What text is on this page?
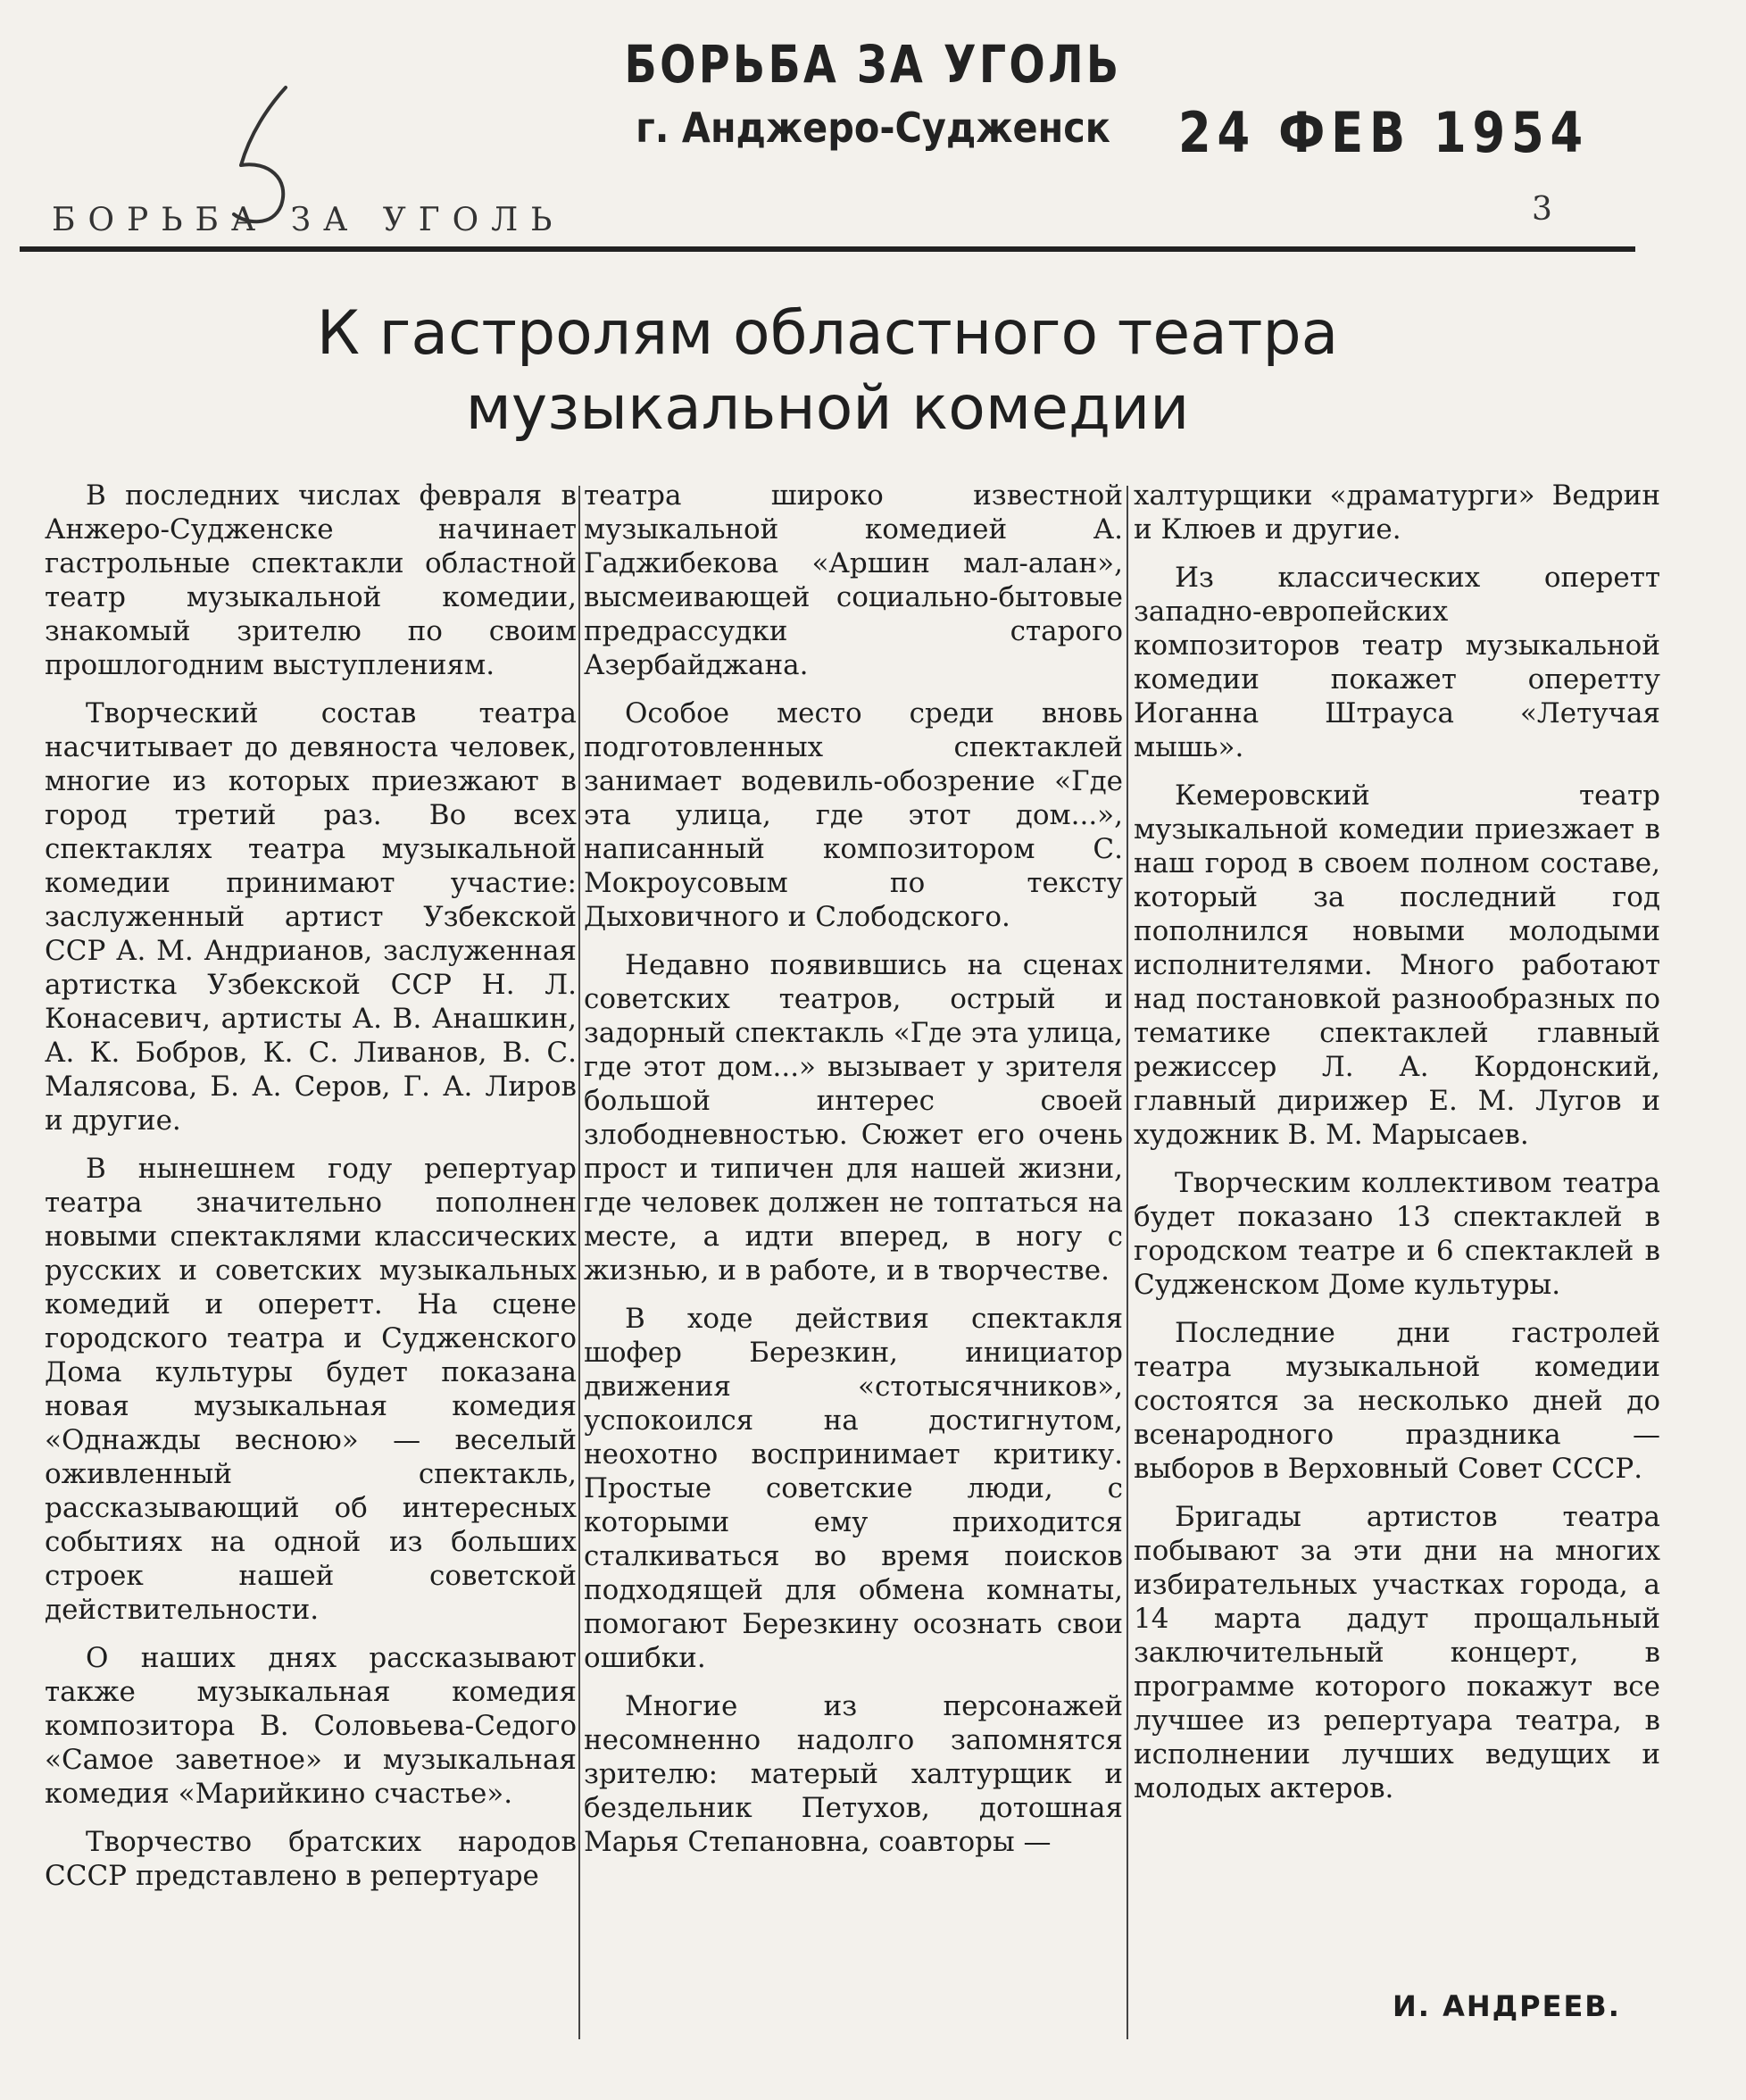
БОРЬБА ЗА УГОЛЬ
г. Анджеро-Судженск	24 ФЕВ 1954
БОРЬБА ЗА УГОЛЬ	3
К гастролям областного театра
музыкальной комедии

В последних числах февраля в Анжеро-Судженске начинает гастрольные спектакли областной театр музыкальной комедии, знакомый зрителю по своим прошлогодним выступлениям.

Творческий состав театра насчитывает до девяноста человек, многие из которых приезжают в город третий раз. Во всех спектаклях театра музыкальной комедии принимают участие: заслуженный артист Узбекской ССР А. М. Андрианов, заслуженная артистка Узбекской ССР Н. Л. Конасевич, артисты А. В. Анашкин, А. К. Бобров, К. С. Ливанов, В. С. Малясова, Б. А. Серов, Г. А. Лиров и другие.

В нынешнем году репертуар театра значительно пополнен новыми спектаклями классических русских и советских музыкальных комедий и оперетт. На сцене городского театра и Судженского Дома культуры будет показана новая музыкальная комедия «Однажды весною» — веселый оживленный спектакль, рассказывающий об интересных событиях на одной из больших строек нашей советской действительности.

О наших днях рассказывают также музыкальная комедия композитора В. Соловьева-Седого «Самое заветное» и музыкальная комедия «Марийкино счастье».

Творчество братских народов СССР представлено в репертуаре

театра широко известной музыкальной комедией А. Гаджибекова «Аршин мал-алан», высмеивающей социально-бытовые предрассудки старого Азербайджана.

Особое место среди вновь подготовленных спектаклей занимает водевиль-обозрение «Где эта улица, где этот дом...», написанный композитором С. Мокроусовым по тексту Дыховичного и Слободского.

Недавно появившись на сценах советских театров, острый и задорный спектакль «Где эта улица, где этот дом...» вызывает у зрителя большой интерес своей злободневностью. Сюжет его очень прост и типичен для нашей жизни, где человек должен не топтаться на месте, а идти вперед, в ногу с жизнью, и в работе, и в творчестве.

В ходе действия спектакля шофер Березкин, инициатор движения «стотысячников», успокоился на достигнутом, неохотно воспринимает критику. Простые советские люди, с которыми ему приходится сталкиваться во время поисков подходящей для обмена комнаты, помогают Березкину осознать свои ошибки.

Многие из персонажей несомненно надолго запомнятся зрителю: матерый халтурщик и бездельник Петухов, дотошная Марья Степановна, соавторы —

халтурщики «драматурги» Ведрин и Клюев и другие.

Из классических оперетт западно-европейских композиторов театр музыкальной комедии покажет оперетту Иоганна Штрауса «Летучая мышь».

Кемеровский театр музыкальной комедии приезжает в наш город в своем полном составе, который за последний год пополнился новыми молодыми исполнителями. Много работают над постановкой разнообразных по тематике спектаклей главный режиссер Л. А. Кордонский, главный дирижер Е. М. Лугов и художник В. М. Марысаев.

Творческим коллективом театра будет показано 13 спектаклей в городском театре и 6 спектаклей в Судженском Доме культуры.

Последние дни гастролей театра музыкальной комедии состоятся за несколько дней до всенародного праздника — выборов в Верховный Совет СССР.

Бригады артистов театра побывают за эти дни на многих избирательных участках города, а 14 марта дадут прощальный заключительный концерт, в программе которого покажут все лучшее из репертуара театра, в исполнении лучших ведущих и молодых актеров.

И. АНДРЕЕВ.
